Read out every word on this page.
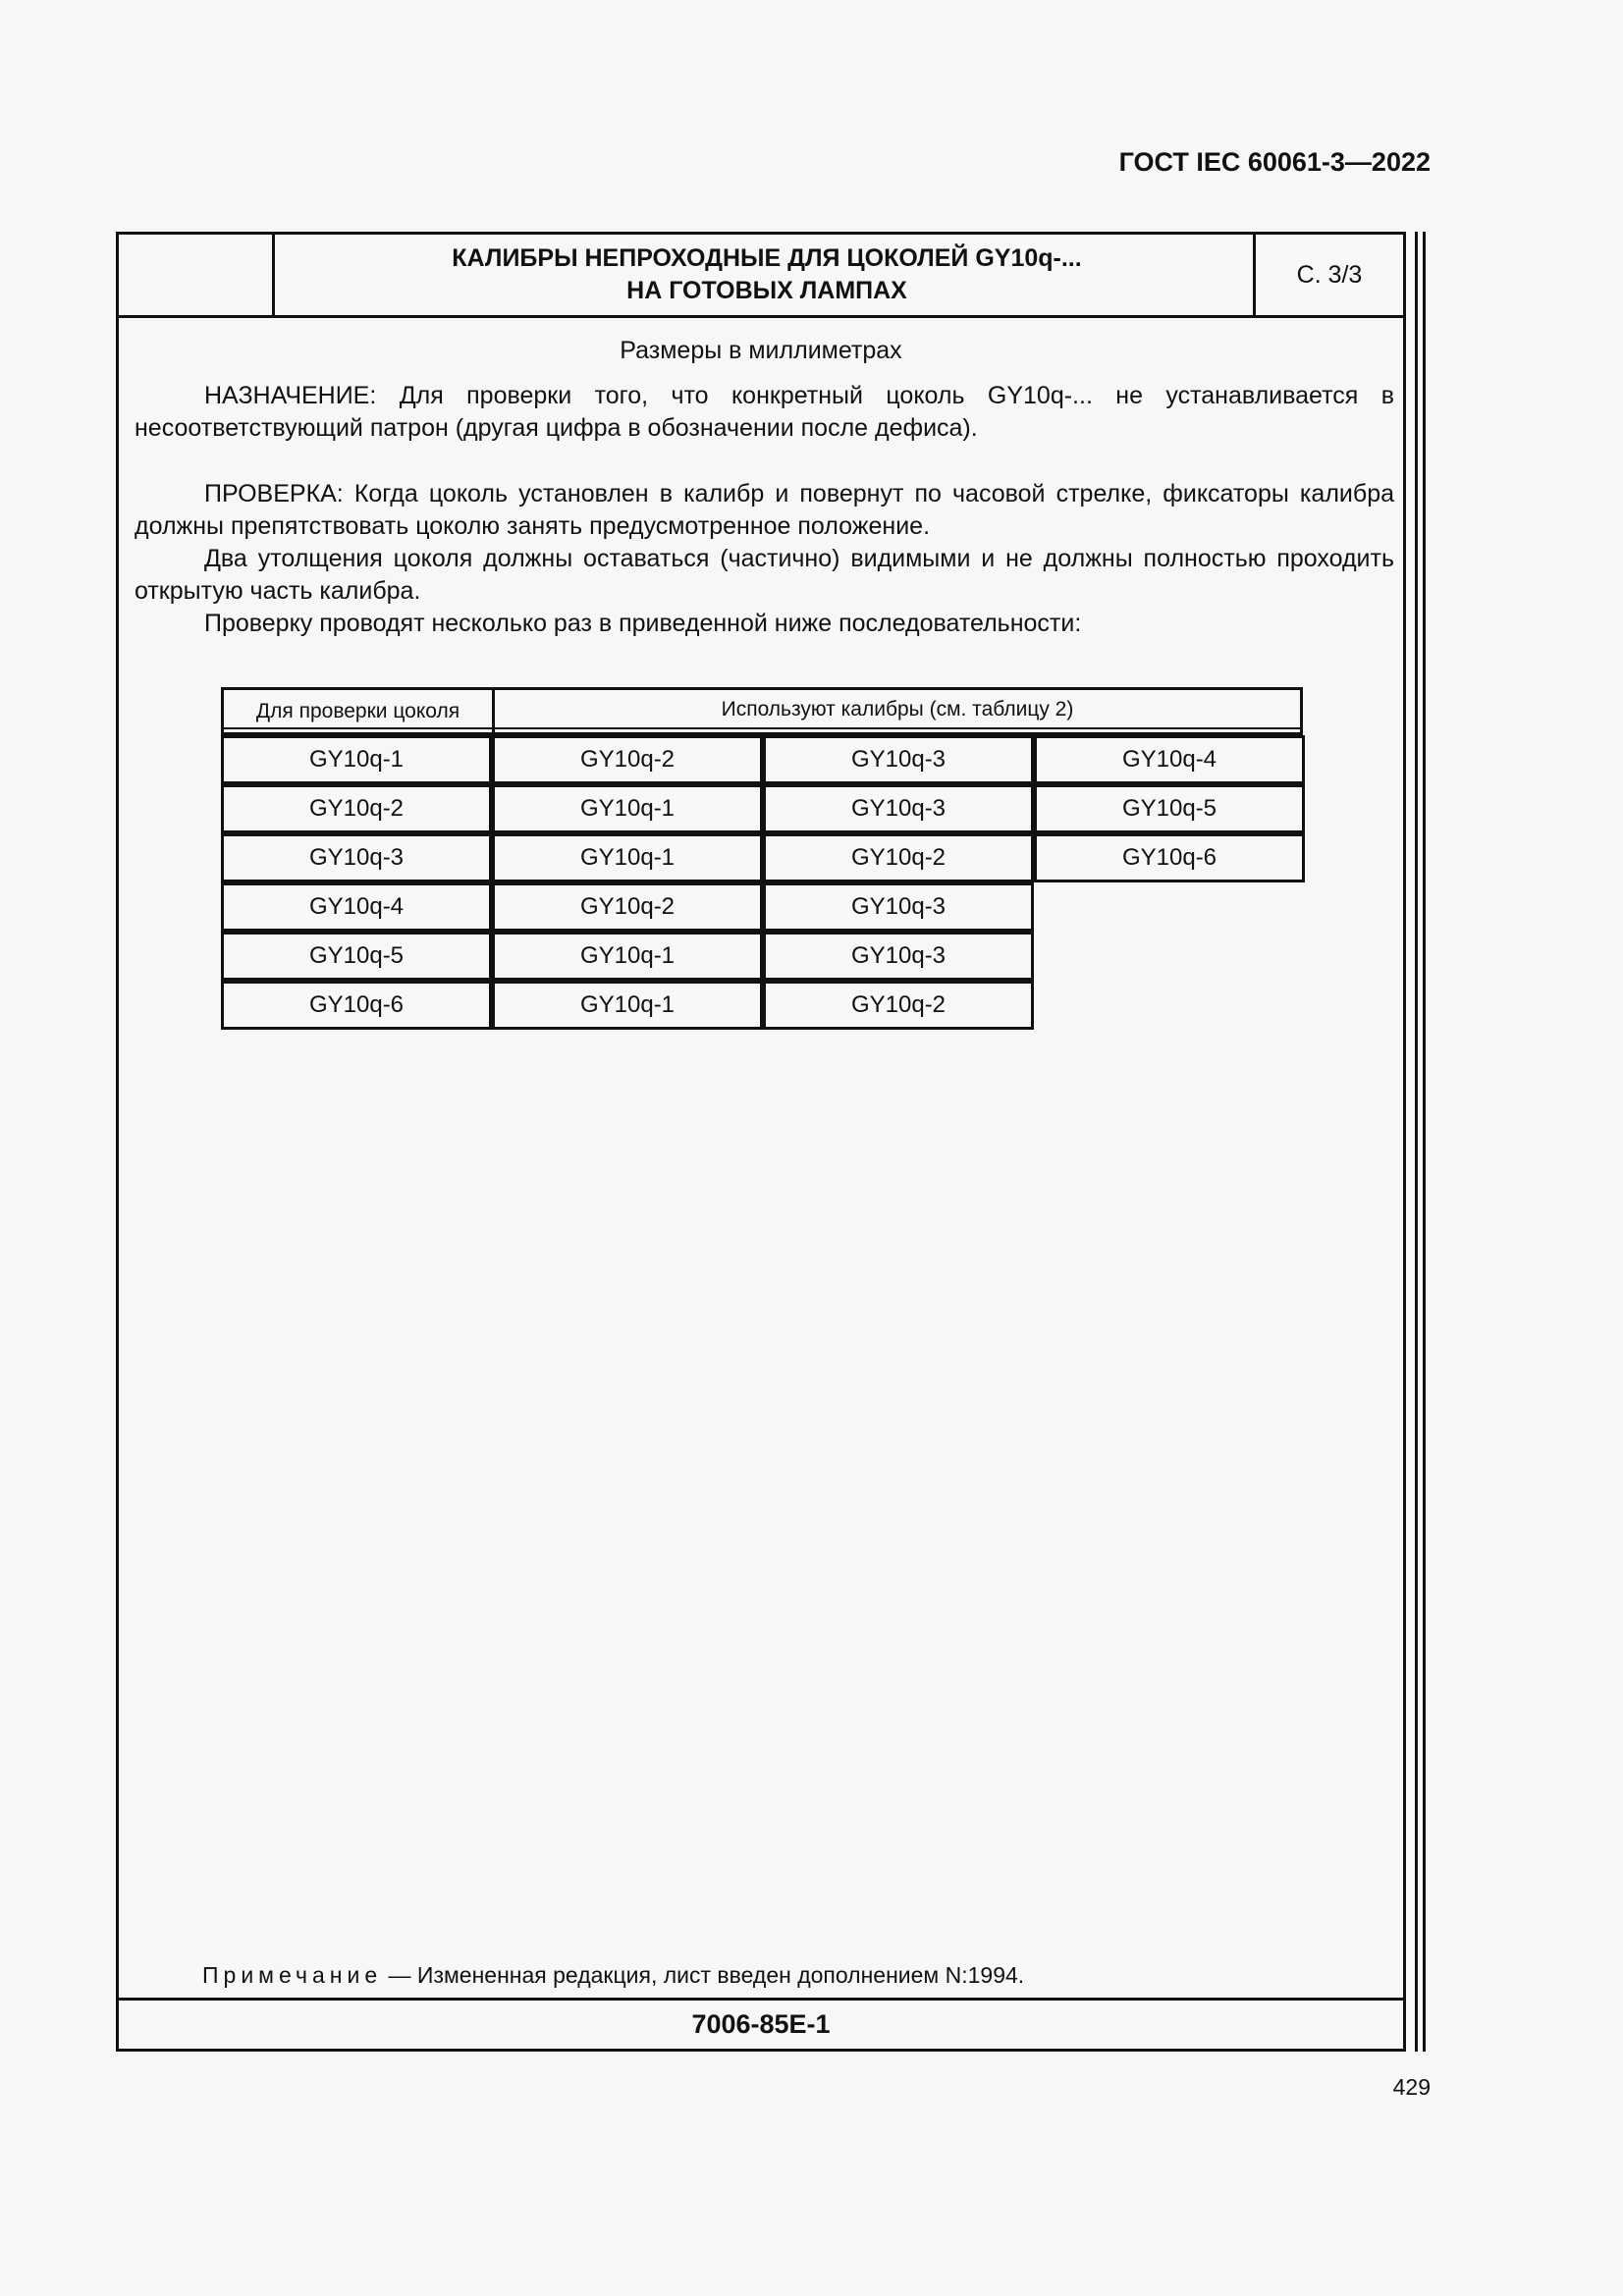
ГОСТ IEC 60061-3—2022
КАЛИБРЫ НЕПРОХОДНЫЕ ДЛЯ ЦОКОЛЕЙ GY10q-...
НА ГОТОВЫХ ЛАМПАХ
С. 3/3
Размеры в миллиметрах

НАЗНАЧЕНИЕ: Для проверки того, что конкретный цоколь GY10q-... не устанавливается в несоответствующий патрон (другая цифра в обозначении после дефиса).

ПРОВЕРКА: Когда цоколь установлен в калибр и повернут по часовой стрелке, фиксаторы калибра должны препятствовать цоколю занять предусмотренное положение.

Два утолщения цоколя должны оставаться (частично) видимыми и не должны полностью проходить открытую часть калибра.

Проверку проводят несколько раз в приведенной ниже последовательности:

Для проверки цоколя	Используют калибры (см. таблицу 2)
GY10q-1	GY10q-2	GY10q-3	GY10q-4
GY10q-2	GY10q-1	GY10q-3	GY10q-5
GY10q-3	GY10q-1	GY10q-2	GY10q-6
GY10q-4	GY10q-2	GY10q-3
GY10q-5	GY10q-1	GY10q-3
GY10q-6	GY10q-1	GY10q-2
Примечание — Измененная редакция, лист введен дополнением N:1994.
7006-85E-1
429
